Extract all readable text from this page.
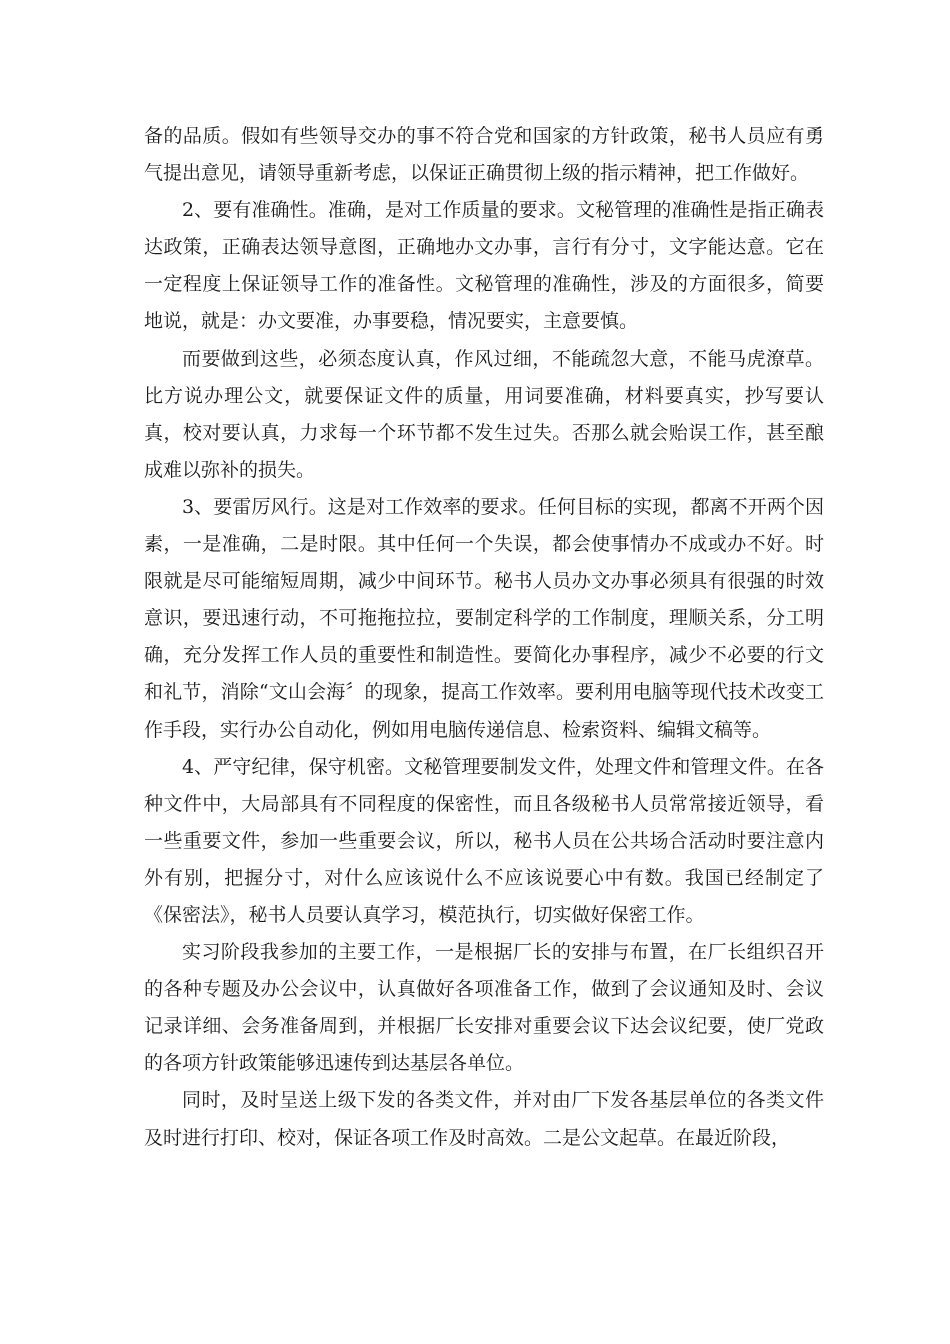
备的品质。假如有些领导交办的事不符合党和国家的方针政策，秘书人员应有勇气提出意见，请领导重新考虑，以保证正确贯彻上级的指示精神，把工作做好。

2、要有准确性。准确，是对工作质量的要求。文秘管理的准确性是指正确表达政策，正确表达领导意图，正确地办文办事，言行有分寸，文字能达意。它在一定程度上保证领导工作的准备性。文秘管理的准确性，涉及的方面很多，简要地说，就是：办文要准，办事要稳，情况要实，主意要慎。

而要做到这些，必须态度认真，作风过细，不能疏忽大意，不能马虎潦草。比方说办理公文，就要保证文件的质量，用词要准确，材料要真实，抄写要认真，校对要认真，力求每一个环节都不发生过失。否那么就会贻误工作，甚至酿成难以弥补的损失。

3、要雷厉风行。这是对工作效率的要求。任何目标的实现，都离不开两个因素，一是准确，二是时限。其中任何一个失误，都会使事情办不成或办不好。时限就是尽可能缩短周期，减少中间环节。秘书人员办文办事必须具有很强的时效意识，要迅速行动，不可拖拖拉拉，要制定科学的工作制度，理顺关系，分工明确，充分发挥工作人员的重要性和制造性。要简化办事程序，减少不必要的行文和礼节，消除“文山会海〞的现象，提高工作效率。要利用电脑等现代技术改变工作手段，实行办公自动化，例如用电脑传递信息、检索资料、编辑文稿等。

4、严守纪律，保守机密。文秘管理要制发文件，处理文件和管理文件。在各种文件中，大局部具有不同程度的保密性，而且各级秘书人员常常接近领导，看一些重要文件，参加一些重要会议，所以，秘书人员在公共场合活动时要注意内外有别，把握分寸，对什么应该说什么不应该说要心中有数。我国已经制定了《保密法》，秘书人员要认真学习，模范执行，切实做好保密工作。

实习阶段我参加的主要工作，一是根据厂长的安排与布置，在厂长组织召开的各种专题及办公会议中，认真做好各项准备工作，做到了会议通知及时、会议记录详细、会务准备周到，并根据厂长安排对重要会议下达会议纪要，使厂党政的各项方针政策能够迅速传到达基层各单位。

同时，及时呈送上级下发的各类文件，并对由厂下发各基层单位的各类文件及时进行打印、校对，保证各项工作及时高效。二是公文起草。在最近阶段，
